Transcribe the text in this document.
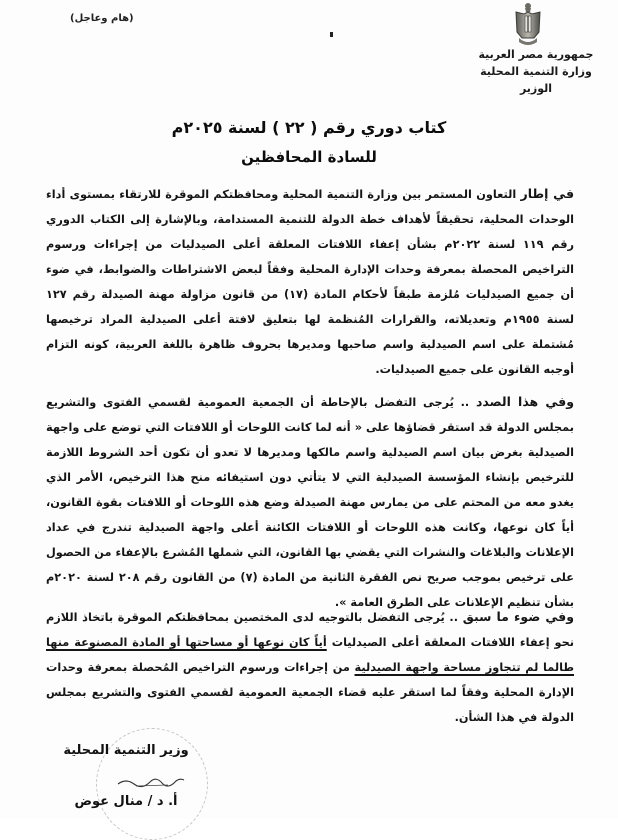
(هام وعاجل)
جمهورية مصر العربية
وزارة التنمية المحلية
الوزير
كتاب دوري رقم ( ٢٢ ) لسنة ٢٠٢٥م
للسادة المحافظين
في إطار التعاون المستمر بين وزارة التنمية المحلية ومحافظتكم الموقرة للارتقاء بمستوى أداء الوحدات المحلية، تحقيقاً لأهداف خطة الدولة للتنمية المستدامة، وبالإشارة إلى الكتاب الدوري رقم ١١٩ لسنة ٢٠٢٢م بشأن إعفاء اللافتات المعلقة أعلى الصيدليات من إجراءات ورسوم التراخيص المحصلة بمعرفة وحدات الإدارة المحلية وفقاً لبعض الاشتراطات والضوابط، في ضوء أن جميع الصيدليات مُلزمة طبقاً لأحكام المادة (١٧) من قانون مزاولة مهنة الصيدلة رقم ١٢٧ لسنة ١٩٥٥م وتعديلاته، والقرارات المُنظمة لها بتعليق لافتة أعلى الصيدلية المراد ترخيصها مُشتملة على اسم الصيدلية واسم صاحبها ومديرها بحروف ظاهرة باللغة العربية، كونه التزام أوجبه القانون على جميع الصيدليات.
وفي هذا الصدد .. يُرجى التفضل بالإحاطة أن الجمعية العمومية لقسمي الفتوى والتشريع بمجلس الدولة قد استقر قضاؤها على « أنه لما كانت اللوحات أو اللافتات التي توضع على واجهة الصيدلية بغرض بيان اسم الصيدلية واسم مالكها ومديرها لا تعدو أن تكون أحد الشروط اللازمة للترخيص بإنشاء المؤسسة الصيدلية التي لا يتأتي دون استيفائه منح هذا الترخيص، الأمر الذي يغدو معه من المحتم على من يمارس مهنة الصيدلة وضع هذه اللوحات أو اللافتات بقوة القانون، أياً كان نوعها، وكانت هذه اللوحات أو اللافتات الكائنة أعلى واجهة الصيدلية تندرج في عداد الإعلانات والبلاغات والنشرات التي يقضي بها القانون، التي شملها المُشرع بالإعفاء من الحصول على ترخيص بموجب صريح نص الفقرة الثانية من المادة (٧) من القانون رقم ٢٠٨ لسنة ٢٠٢٠م بشأن تنظيم الإعلانات على الطرق العامة ».
وفي ضوء ما سبق .. يُرجى التفضل بالتوجيه لدى المختصين بمحافظتكم الموقرة باتخاذ اللازم نحو إعفاء اللافتات المعلقة أعلى الصيدليات أياً كان نوعها أو مساحتها أو المادة المصنوعة منها طالما لم تتجاوز مساحة واجهة الصيدلية من إجراءات ورسوم التراخيص المُحصلة بمعرفة وحدات الإدارة المحلية وفقاً لما استقر عليه قضاء الجمعية العمومية لقسمي الفتوى والتشريع بمجلس الدولة في هذا الشأن.
وزير التنمية المحلية
أ. د / منال عوض
